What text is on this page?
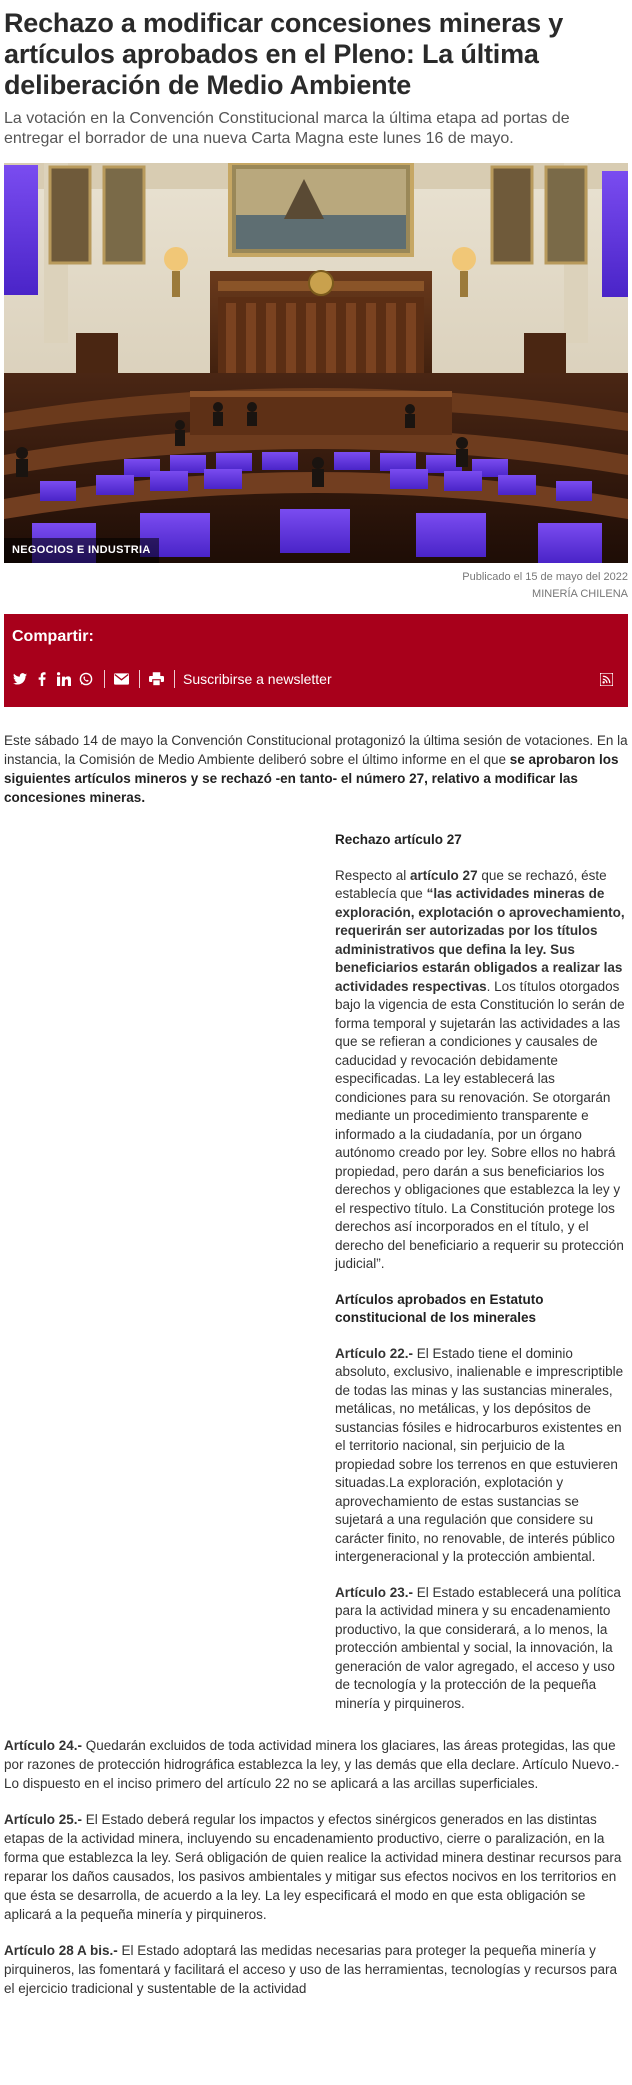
Rechazo a modificar concesiones mineras y artículos aprobados en el Pleno: La última deliberación de Medio Ambiente
La votación en la Convención Constitucional marca la última etapa ad portas de entregar el borrador de una nueva Carta Magna este lunes 16 de mayo.
NEGOCIOS E INDUSTRIA
Publicado el 15 de mayo del 2022
MINERÍA CHILENA
Compartir:
Suscribirse a newsletter

Este sábado 14 de mayo la Convención Constitucional protagonizó la última sesión de votaciones. En la instancia, la Comisión de Medio Ambiente deliberó sobre el último informe en el que se aprobaron los siguientes artículos mineros y se rechazó -en tanto- el número 27, relativo a modificar las concesiones mineras.

Rechazo artículo 27

Respecto al artículo 27 que se rechazó, éste establecía que “las actividades mineras de exploración, explotación o aprovechamiento, requerirán ser autorizadas por los títulos administrativos que defina la ley. Sus beneficiarios estarán obligados a realizar las actividades respectivas. Los títulos otorgados bajo la vigencia de esta Constitución lo serán de forma temporal y sujetarán las actividades a las que se refieran a condiciones y causales de caducidad y revocación debidamente especificadas. La ley establecerá las condiciones para su renovación. Se otorgarán mediante un procedimiento transparente e informado a la ciudadanía, por un órgano autónomo creado por ley. Sobre ellos no habrá propiedad, pero darán a sus beneficiarios los derechos y obligaciones que establezca la ley y el respectivo título. La Constitución protege los derechos así incorporados en el título, y el derecho del beneficiario a requerir su protección judicial”.

Artículos aprobados en Estatuto constitucional de los minerales

Artículo 22.- El Estado tiene el dominio absoluto, exclusivo, inalienable e imprescriptible de todas las minas y las sustancias minerales, metálicas, no metálicas, y los depósitos de sustancias fósiles e hidrocarburos existentes en el territorio nacional, sin perjuicio de la propiedad sobre los terrenos en que estuvieren situadas.La exploración, explotación y aprovechamiento de estas sustancias se sujetará a una regulación que considere su carácter finito, no renovable, de interés público intergeneracional y la protección ambiental.

Artículo 23.- El Estado establecerá una política para la actividad minera y su encadenamiento productivo, la que considerará, a lo menos, la protección ambiental y social, la innovación, la generación de valor agregado, el acceso y uso de tecnología y la protección de la pequeña minería y pirquineros.

Artículo 24.- Quedarán excluidos de toda actividad minera los glaciares, las áreas protegidas, las que por razones de protección hidrográfica establezca la ley, y las demás que ella declare. Artículo Nuevo.- Lo dispuesto en el inciso primero del artículo 22 no se aplicará a las arcillas superficiales.

Artículo 25.- El Estado deberá regular los impactos y efectos sinérgicos generados en las distintas etapas de la actividad minera, incluyendo su encadenamiento productivo, cierre o paralización, en la forma que establezca la ley. Será obligación de quien realice la actividad minera destinar recursos para reparar los daños causados, los pasivos ambientales y mitigar sus efectos nocivos en los territorios en que ésta se desarrolla, de acuerdo a la ley. La ley especificará el modo en que esta obligación se aplicará a la pequeña minería y pirquineros.

Artículo 28 A bis.- El Estado adoptará las medidas necesarias para proteger la pequeña minería y pirquineros, las fomentará y facilitará el acceso y uso de las herramientas, tecnologías y recursos para el ejercicio tradicional y sustentable de la actividad
